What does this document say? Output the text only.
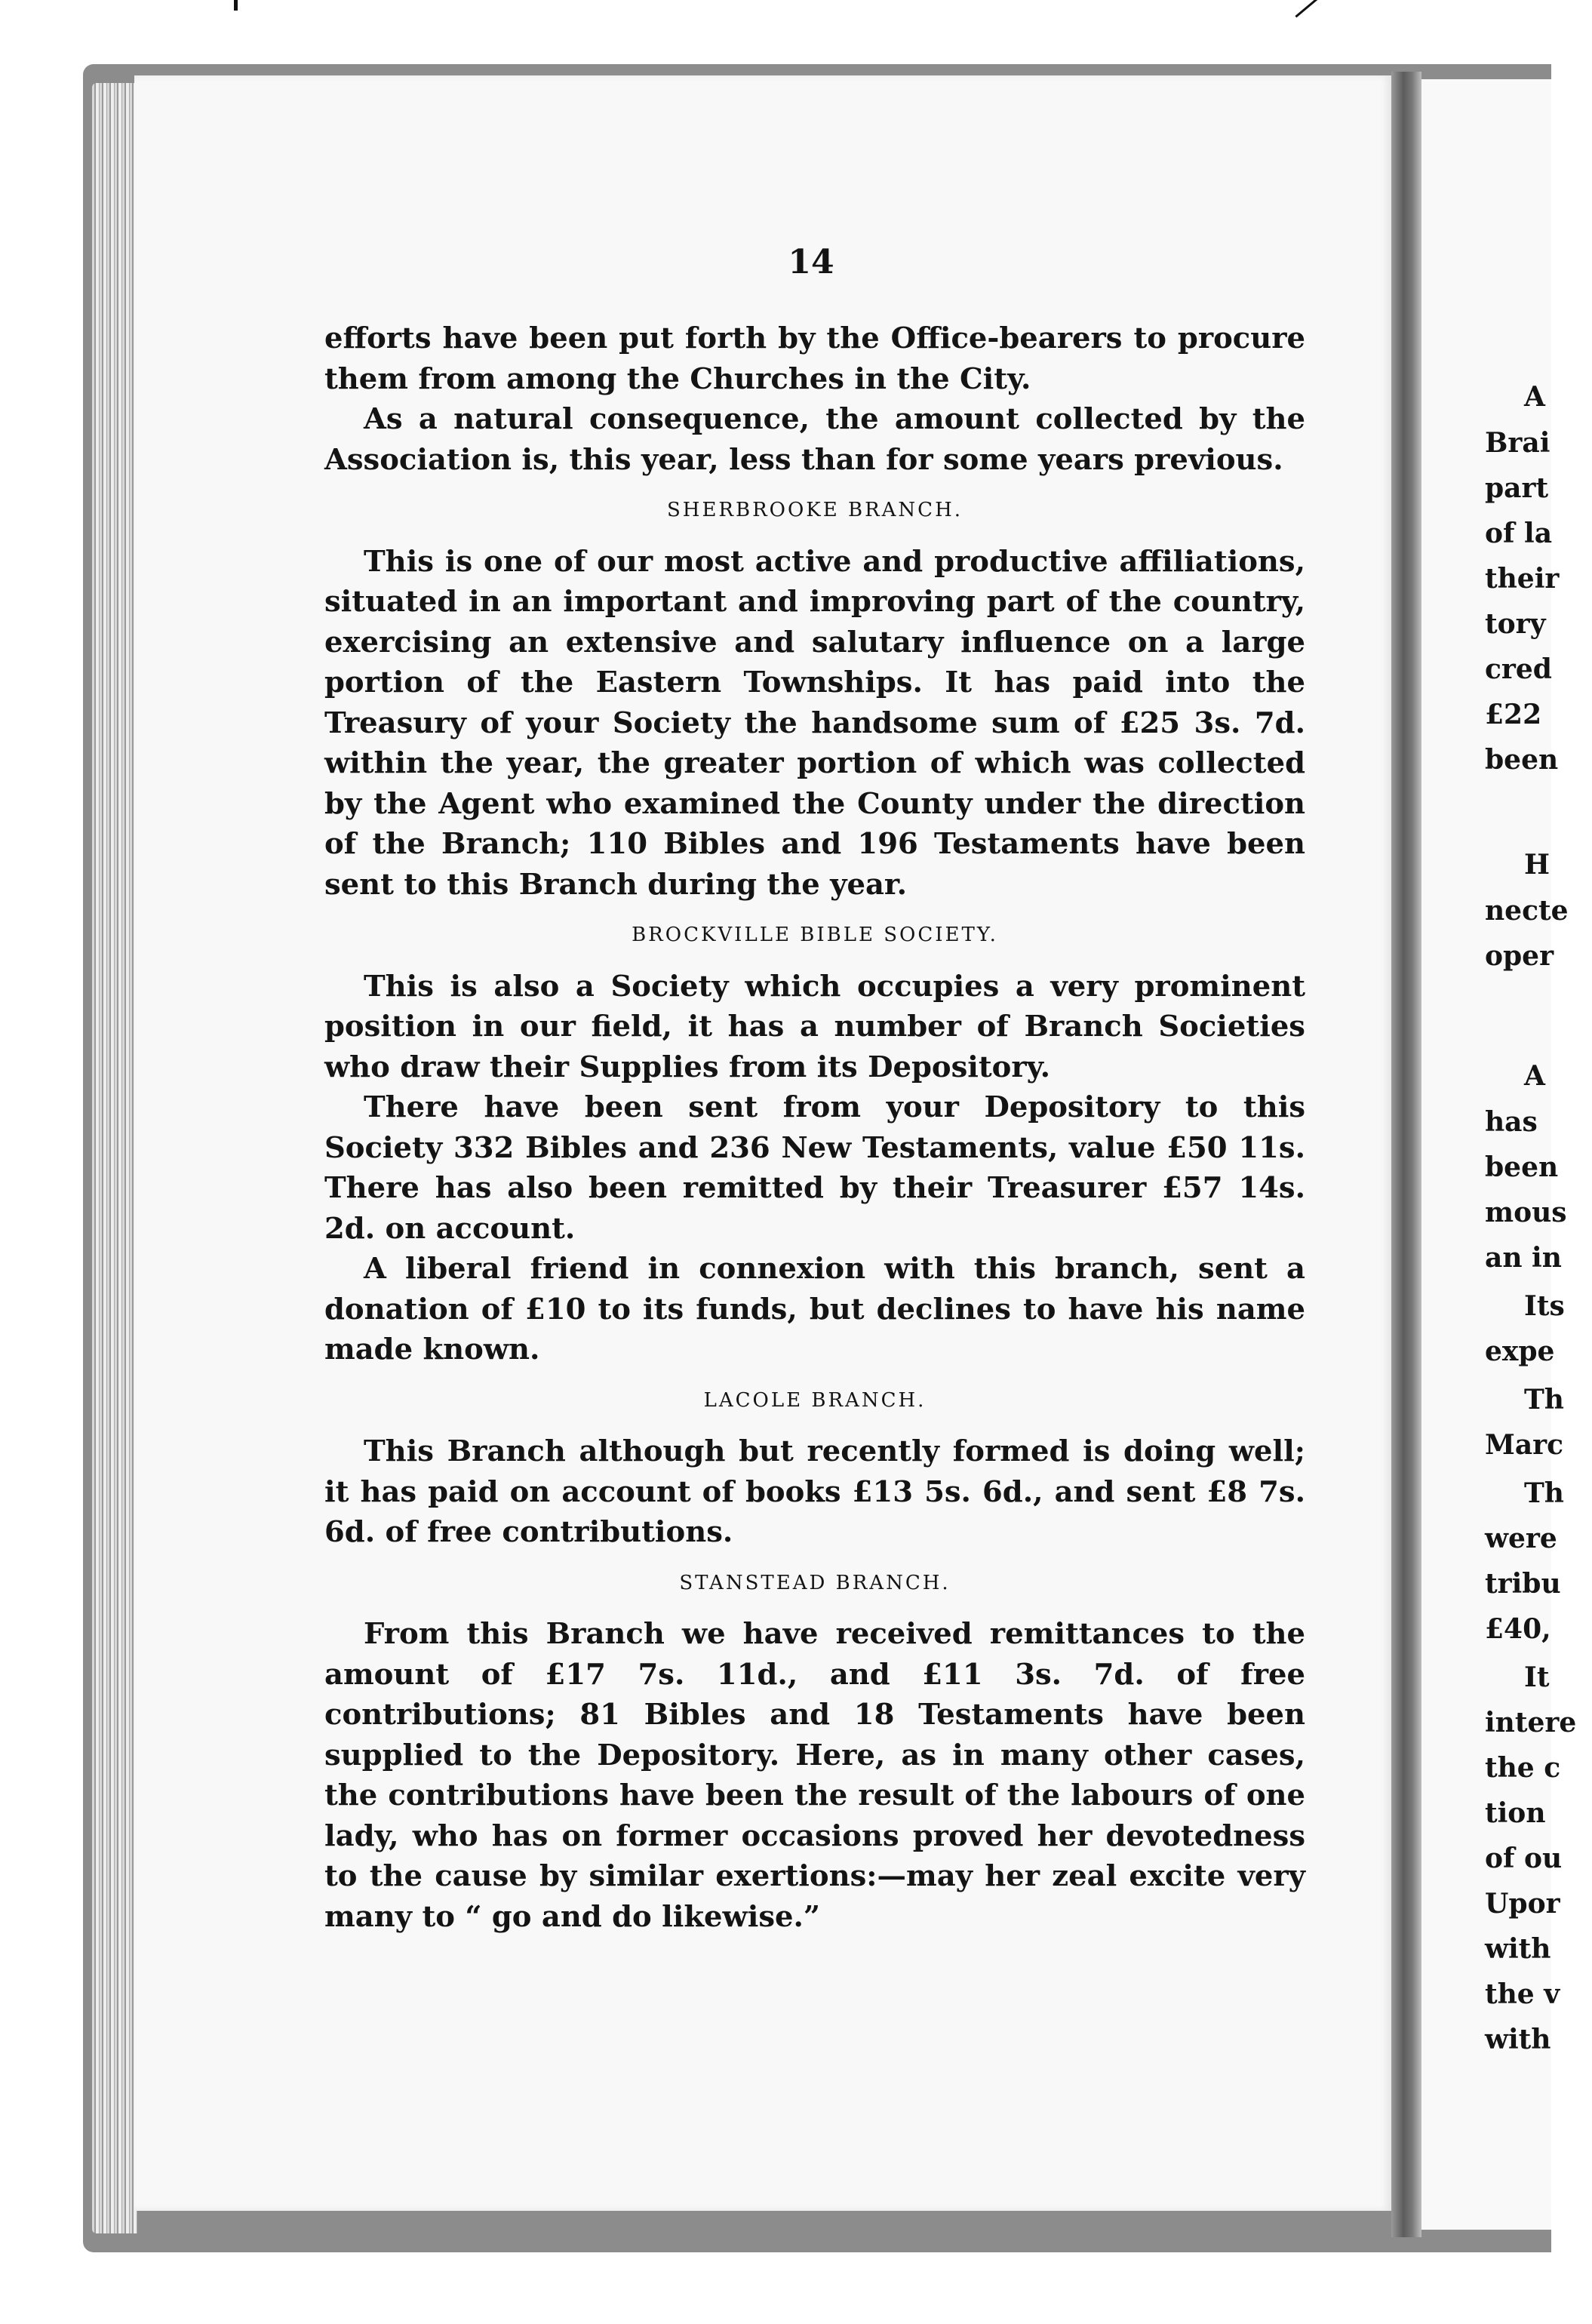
14

efforts have been put forth by the Office-bearers to procure them from among the Churches in the City.

As a natural consequence, the amount collected by the Association is, this year, less than for some years previous.

SHERBROOKE BRANCH.

This is one of our most active and productive affiliations, situated in an important and improving part of the country, exercising an extensive and salutary influence on a large portion of the Eastern Townships. It has paid into the Treasury of your Society the handsome sum of £25 3s. 7d. within the year, the greater portion of which was collected by the Agent who examined the County under the direction of the Branch; 110 Bibles and 196 Testaments have been sent to this Branch during the year.

BROCKVILLE BIBLE SOCIETY.

This is also a Society which occupies a very prominent position in our field, it has a number of Branch Societies who draw their Supplies from its Depository.

There have been sent from your Depository to this Society 332 Bibles and 236 New Testaments, value £50 11s. There has also been remitted by their Treasurer £57 14s. 2d. on account.

A liberal friend in connexion with this branch, sent a donation of £10 to its funds, but declines to have his name made known.

LACOLE BRANCH.

This Branch although but recently formed is doing well; it has paid on account of books £13 5s. 6d., and sent £8 7s. 6d. of free contributions.

STANSTEAD BRANCH.

From this Branch we have received remittances to the amount of £17 7s. 11d., and £11 3s. 7d. of free contributions; 81 Bibles and 18 Testaments have been supplied to the Depository. Here, as in many other cases, the contributions have been the result of the labours of one lady, who has on former occasions proved her devotedness to the cause by similar exertions:—may her zeal excite very many to “ go and do likewise.”

A
Brai
part
of la
their
tory
cred
£22
been
H
necte
oper
A
has
been
mous
an in
Its
expe
Th
Marc
Th
were
tribu
£40,
It
intere
the c
tion
of ou
Upor
with
the v
with
